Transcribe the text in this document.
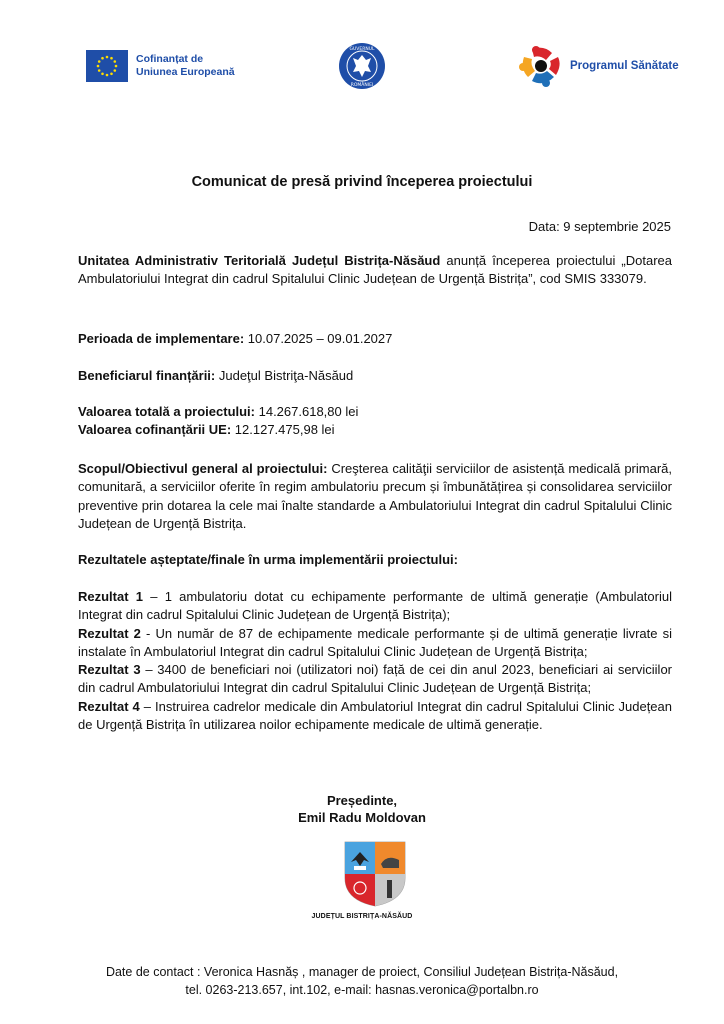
Cofinanțat de
Uniunea Europeană
GUVERNUL
ROMÂNIEI
Programul Sănătate
Comunicat de presă privind începerea proiectului
Data: 9 septembrie 2025
Unitatea Administrativ Teritorială Județul Bistrița-Năsăud anunță începerea proiectului „Dotarea Ambulatoriului Integrat din cadrul Spitalului Clinic Județean de Urgență Bistrița”, cod SMIS 333079.
Perioada de implementare: 10.07.2025 – 09.01.2027
Beneficiarul finanțării: Judeţul Bistriţa-Năsăud
Valoarea totală a proiectului: 14.267.618,80 lei
Valoarea cofinanțării UE: 12.127.475,98 lei
Scopul/Obiectivul general al proiectului: Creşterea calităţii serviciilor de asistență medicală primară, comunitară, a serviciilor oferite în regim ambulatoriu precum și îmbunătățirea și consolidarea serviciilor preventive prin dotarea la cele mai înalte standarde a Ambulatoriului Integrat din cadrul Spitalului Clinic Județean de Urgență Bistrița.
Rezultatele așteptate/finale în urma implementării proiectului:
Rezultat 1 – 1 ambulatoriu dotat cu echipamente performante de ultimă generație (Ambulatoriul Integrat din cadrul Spitalului Clinic Județean de Urgență Bistrița);
Rezultat 2 - Un număr de 87 de echipamente medicale performante și de ultimă generație livrate si instalate în Ambulatoriul Integrat din cadrul Spitalului Clinic Județean de Urgență Bistrița;
Rezultat 3 – 3400 de beneficiari noi (utilizatori noi) față de cei din anul 2023, beneficiari ai serviciilor din cadrul Ambulatoriului Integrat din cadrul Spitalului Clinic Județean de Urgență Bistrița;
Rezultat 4 – Instruirea cadrelor medicale din Ambulatoriul Integrat din cadrul Spitalului Clinic Județean de Urgență Bistrița în utilizarea noilor echipamente medicale de ultimă generație.
Președinte,
Emil Radu Moldovan
JUDEȚUL BISTRIȚA-NĂSĂUD
Date de contact : Veronica Hasnăș , manager de proiect, Consiliul Județean Bistrița-Năsăud,
tel. 0263-213.657, int.102, e-mail: hasnas.veronica@portalbn.ro
